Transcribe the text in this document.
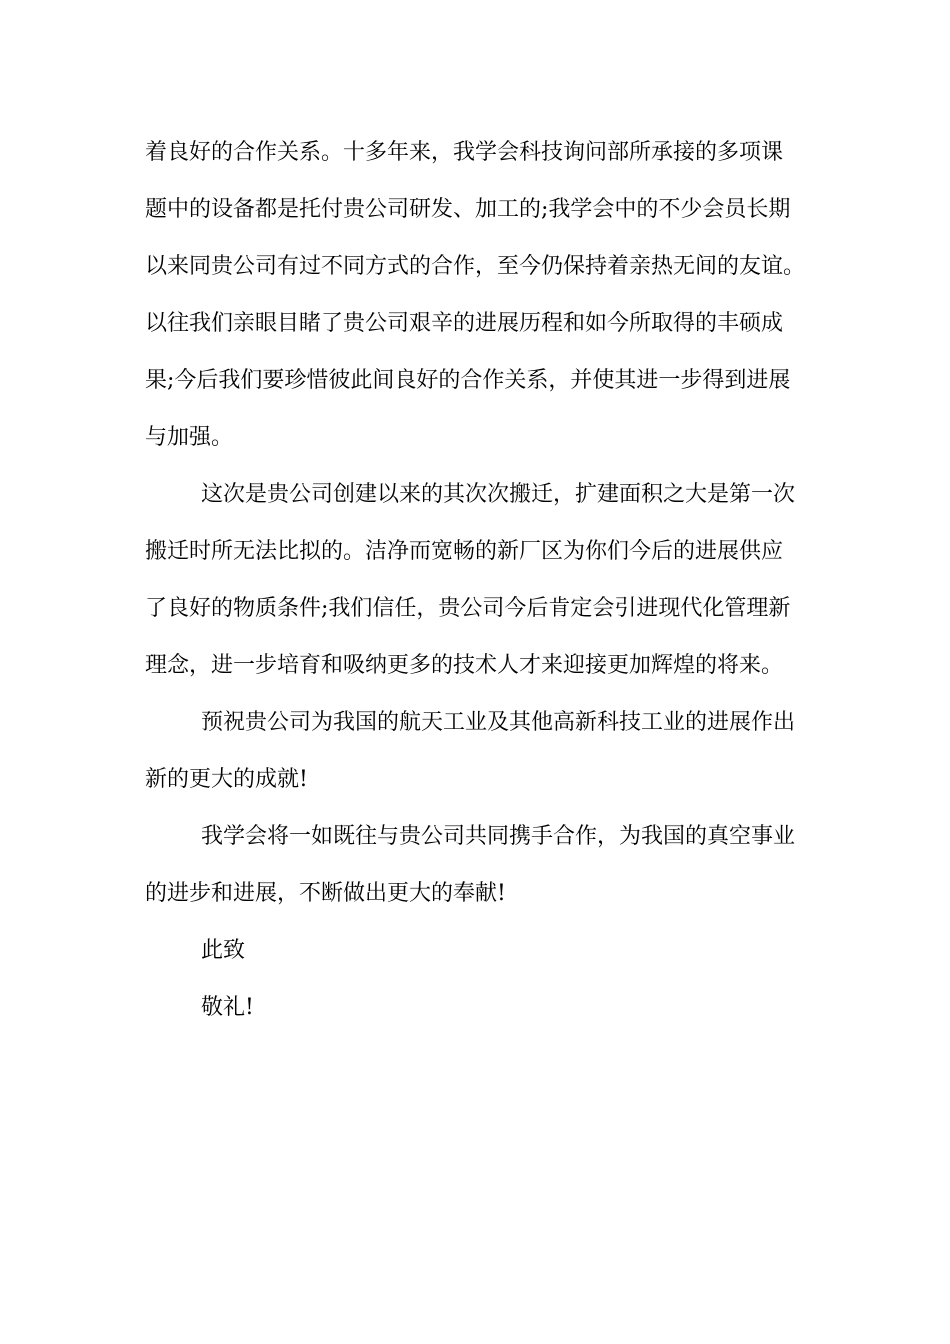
着良好的合作关系。十多年来，我学会科技询问部所承接的多项课
题中的设备都是托付贵公司研发、加工的;我学会中的不少会员长期
以来同贵公司有过不同方式的合作，至今仍保持着亲热无间的友谊。
以往我们亲眼目睹了贵公司艰辛的进展历程和如今所取得的丰硕成
果;今后我们要珍惜彼此间良好的合作关系，并使其进一步得到进展
与加强。
这次是贵公司创建以来的其次次搬迁，扩建面积之大是第一次
搬迁时所无法比拟的。洁净而宽畅的新厂区为你们今后的进展供应
了良好的物质条件;我们信任，贵公司今后肯定会引进现代化管理新
理念，进一步培育和吸纳更多的技术人才来迎接更加辉煌的将来。
预祝贵公司为我国的航天工业及其他高新科技工业的进展作出
新的更大的成就!
我学会将一如既往与贵公司共同携手合作，为我国的真空事业
的进步和进展，不断做出更大的奉献!
此致
敬礼!
